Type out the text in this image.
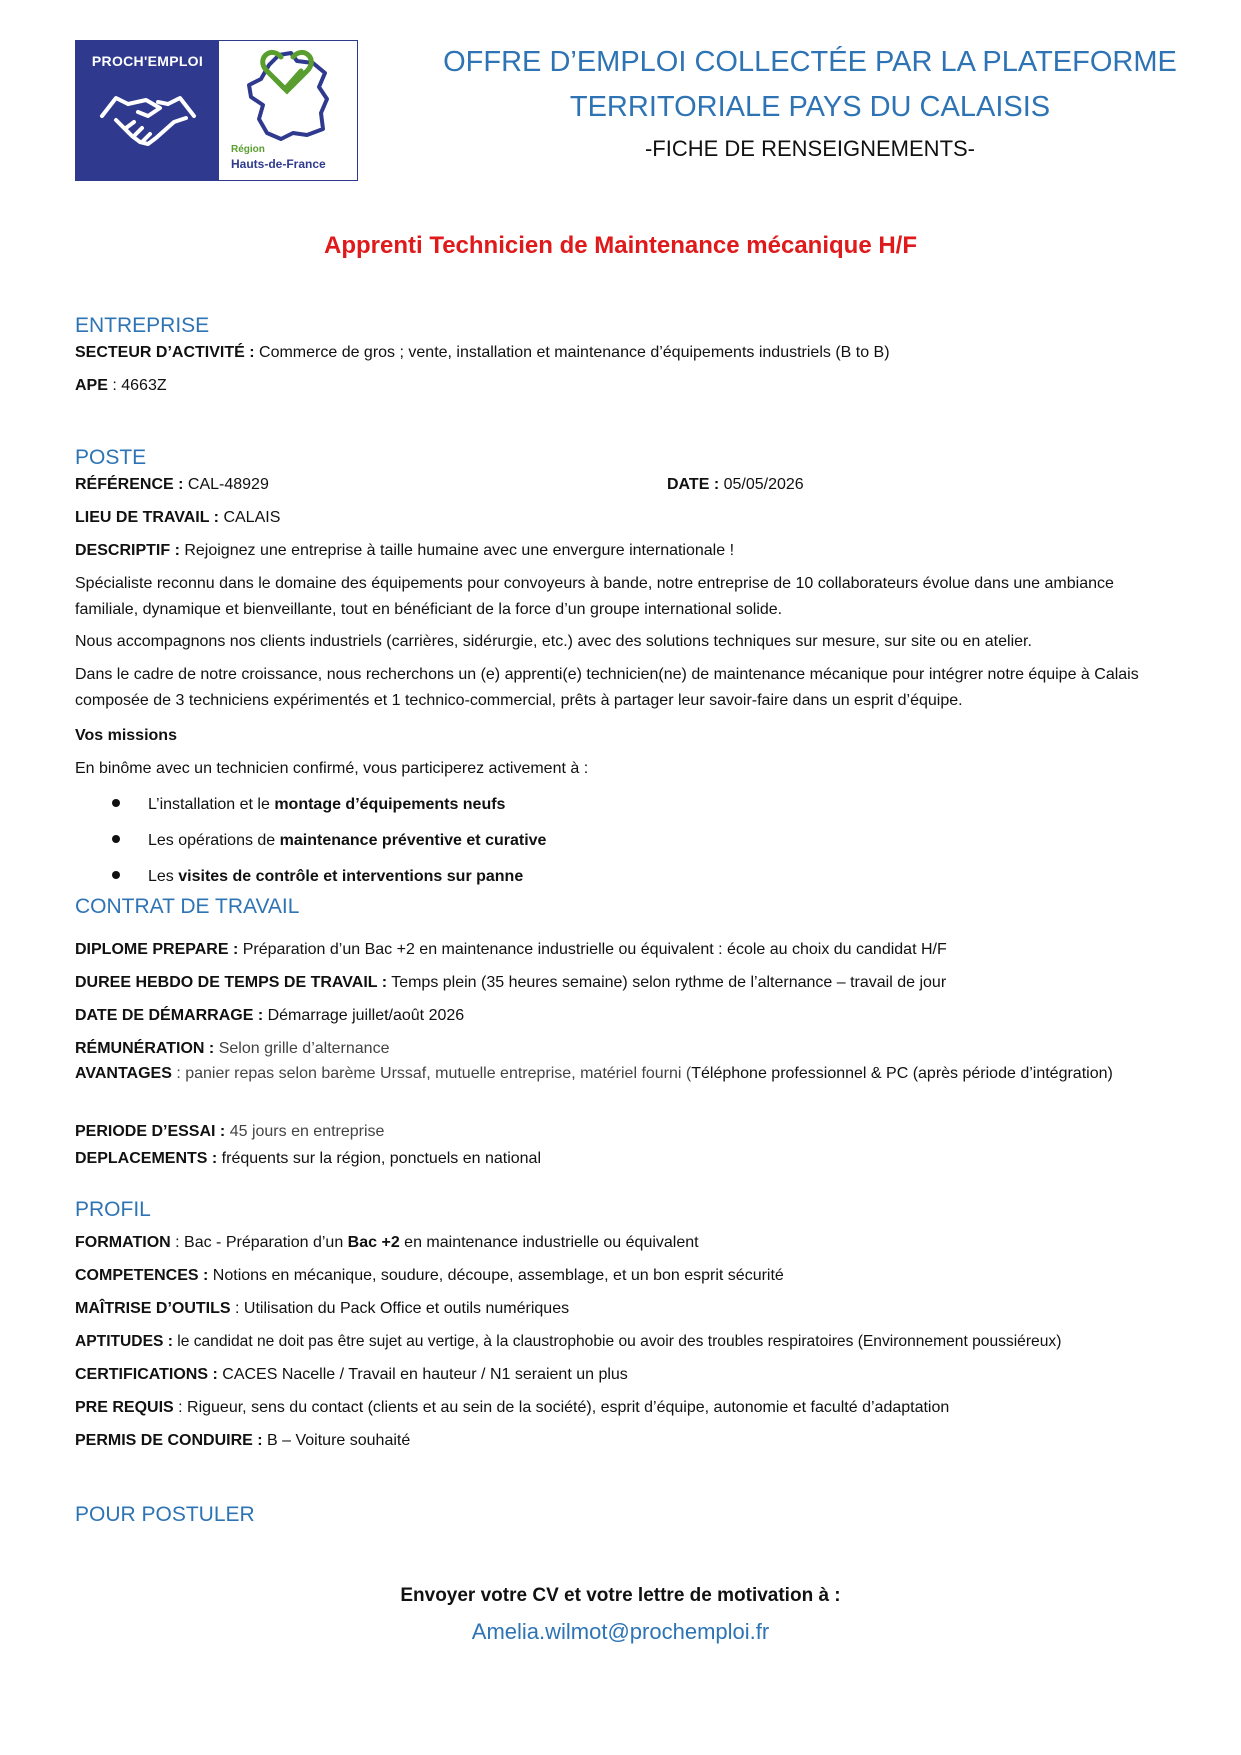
PROCH'EMPLOI
Région
Hauts-de-France
OFFRE D’EMPLOI COLLECTÉE PAR LA PLATEFORME
TERRITORIALE PAYS DU CALAISIS
-FICHE DE RENSEIGNEMENTS-
Apprenti Technicien de Maintenance mécanique H/F
ENTREPRISE
SECTEUR D’ACTIVITÉ : Commerce de gros ; vente, installation et maintenance d’équipements industriels (B to B)
APE : 4663Z
POSTE
RÉFÉRENCE : CAL-48929	DATE : 05/05/2026
LIEU DE TRAVAIL : CALAIS
DESCRIPTIF : Rejoignez une entreprise à taille humaine avec une envergure internationale !
Spécialiste reconnu dans le domaine des équipements pour convoyeurs à bande, notre entreprise de 10 collaborateurs évolue dans une ambiance familiale, dynamique et bienveillante, tout en bénéficiant de la force d’un groupe international solide.
Nous accompagnons nos clients industriels (carrières, sidérurgie, etc.) avec des solutions techniques sur mesure, sur site ou en atelier.
Dans le cadre de notre croissance, nous recherchons un (e) apprenti(e) technicien(ne) de maintenance mécanique pour intégrer notre équipe à Calais composée de 3 techniciens expérimentés et 1 technico-commercial, prêts à partager leur savoir-faire dans un esprit d’équipe.
Vos missions
En binôme avec un technicien confirmé, vous participerez activement à :
L’installation et le montage d’équipements neufs
Les opérations de maintenance préventive et curative
Les visites de contrôle et interventions sur panne
CONTRAT DE TRAVAIL
DIPLOME PREPARE : Préparation d’un Bac +2 en maintenance industrielle ou équivalent : école au choix du candidat H/F
DUREE HEBDO DE TEMPS DE TRAVAIL : Temps plein (35 heures semaine) selon rythme de l’alternance – travail de jour
DATE DE DÉMARRAGE : Démarrage juillet/août 2026
RÉMUNÉRATION : Selon grille d’alternance
AVANTAGES : panier repas selon barème Urssaf, mutuelle entreprise, matériel fourni (Téléphone professionnel & PC (après période d’intégration)
PERIODE D’ESSAI : 45 jours en entreprise
DEPLACEMENTS : fréquents sur la région, ponctuels en national
PROFIL
FORMATION : Bac - Préparation d’un Bac +2 en maintenance industrielle ou équivalent
COMPETENCES : Notions en mécanique, soudure, découpe, assemblage, et un bon esprit sécurité
MAÎTRISE D’OUTILS : Utilisation du Pack Office et outils numériques
APTITUDES : le candidat ne doit pas être sujet au vertige, à la claustrophobie ou avoir des troubles respiratoires (Environnement poussiéreux)
CERTIFICATIONS : CACES Nacelle / Travail en hauteur / N1 seraient un plus
PRE REQUIS : Rigueur, sens du contact (clients et au sein de la société), esprit d’équipe, autonomie et faculté d’adaptation
PERMIS DE CONDUIRE : B – Voiture souhaité
POUR POSTULER
Envoyer votre CV et votre lettre de motivation à :
Amelia.wilmot@prochemploi.fr
